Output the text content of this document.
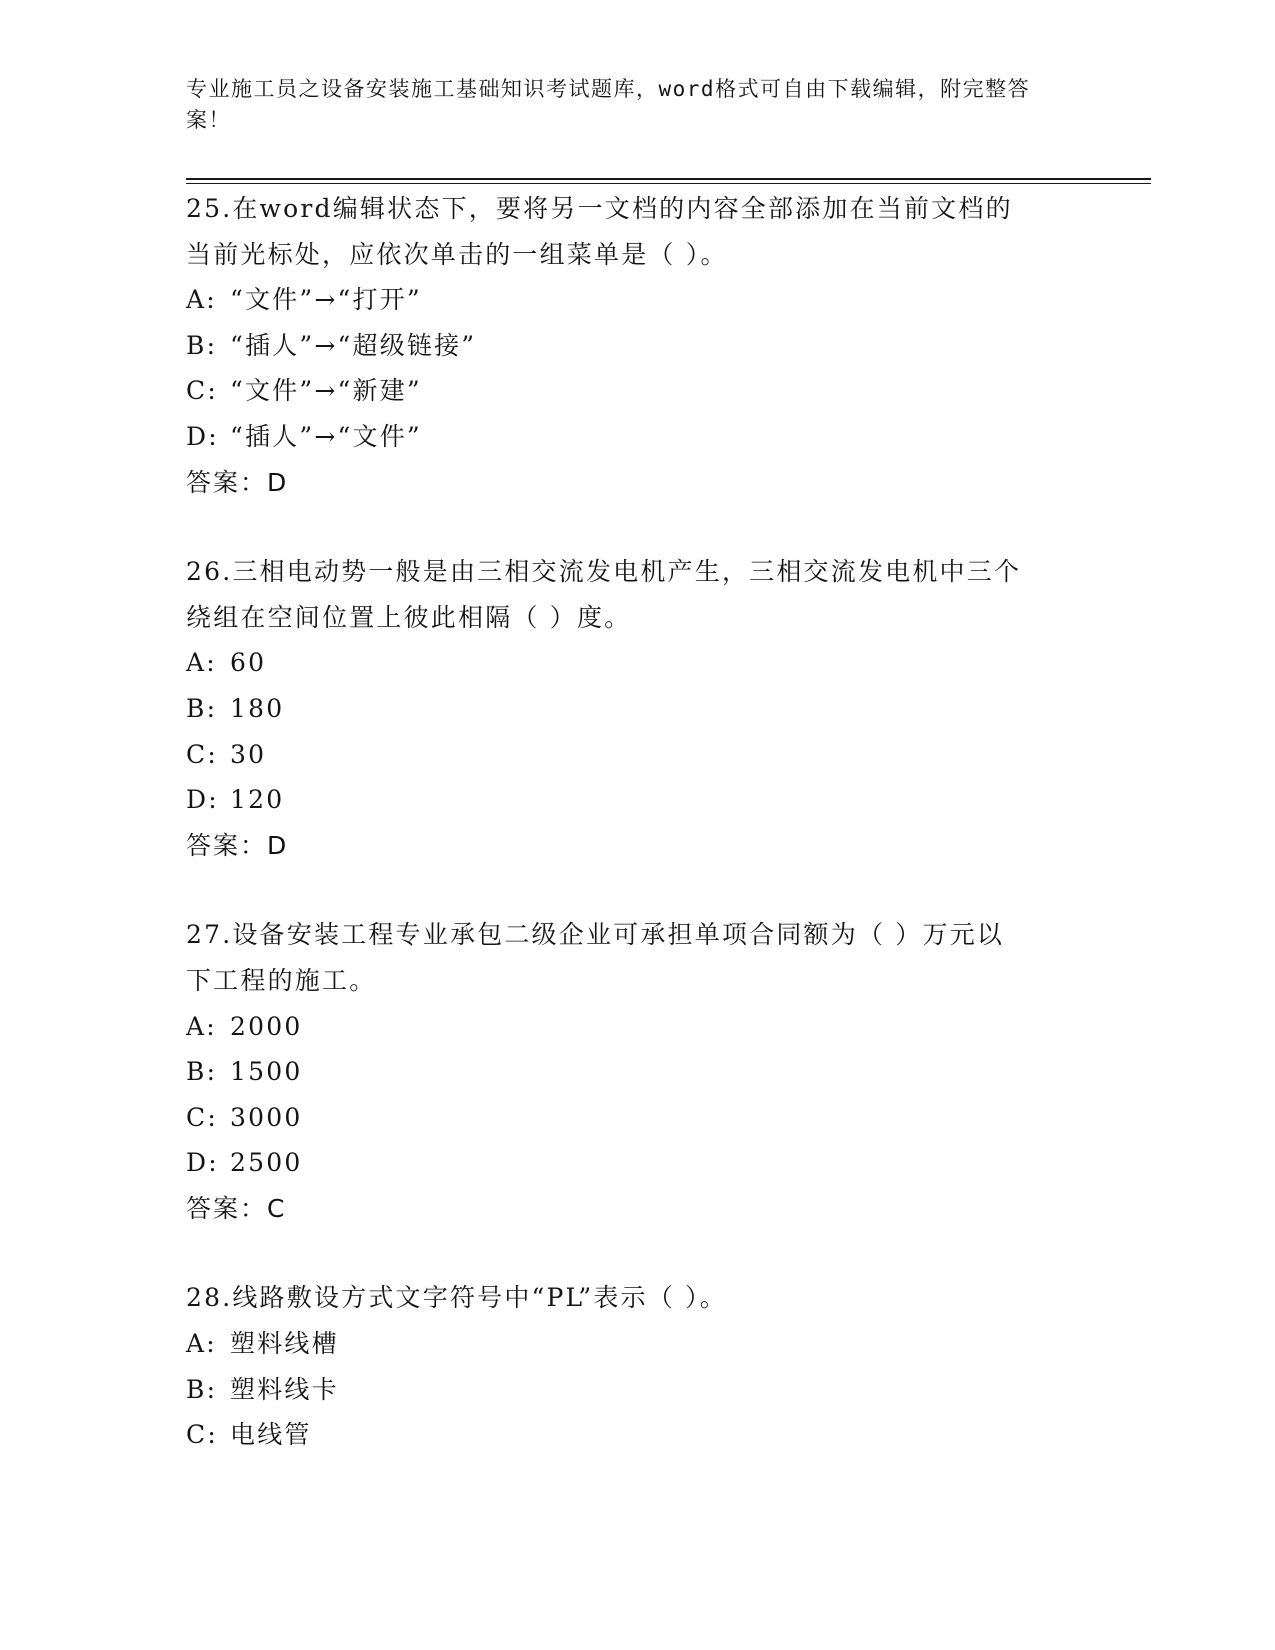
专业施工员之设备安装施工基础知识考试题库，word格式可自由下载编辑，附完整答案！
25.在word编辑状态下，要将另一文档的内容全部添加在当前文档的
当前光标处，应依次单击的一组菜单是（ ）。
A: “文件”→“打开”
B: “插人”→“超级链接”
C: “文件”→“新建”
D: “插人”→“文件”
答案：D
26.三相电动势一般是由三相交流发电机产生，三相交流发电机中三个
绕组在空间位置上彼此相隔（ ）度。
A: 60
B: 180
C: 30
D: 120
答案：D
27.设备安装工程专业承包二级企业可承担单项合同额为（ ）万元以
下工程的施工。
A: 2000
B: 1500
C: 3000
D: 2500
答案：C
28.线路敷设方式文字符号中“PL”表示（ ）。
A: 塑料线槽
B: 塑料线卡
C: 电线管
